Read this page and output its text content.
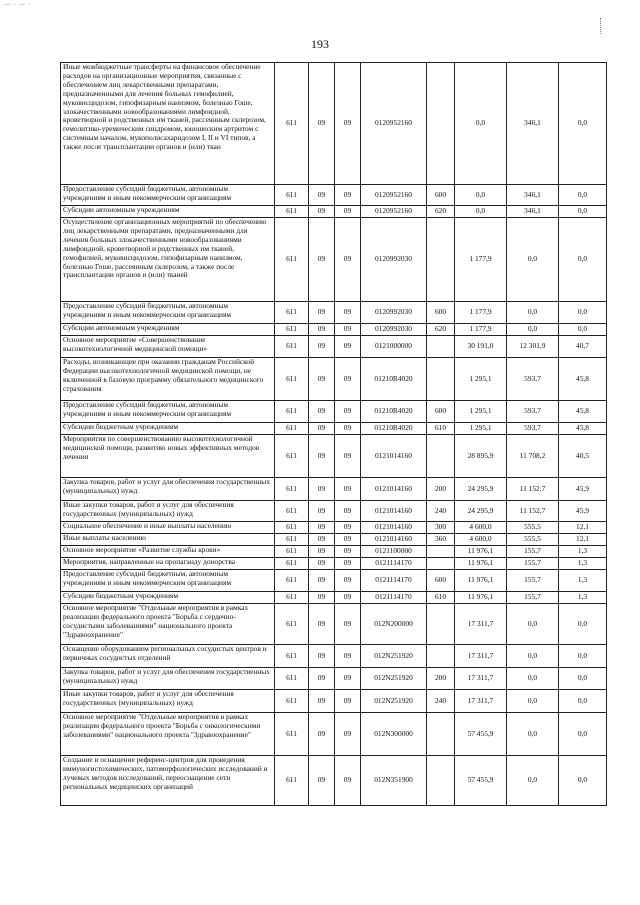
— · — ·
193
Иные межбюджетные трансферты на финансовое обеспечение расходов на организационные мероприятия, связанные с обеспечением лиц лекарственными препаратами, предназначенными для лечения больных гемофилией, муковисцидозом, гипофизарным нанизмом, болезнью Гоше, злокачественными новообразованиями лимфоидной, кроветворной и родственных им тканей, рассеянным склерозом, гемолитико-уремическим синдромом, юношеским артритом с системным началом, мукополисахаридозом I, II и VI типов, а также после трансплантации органов и (или) ткан	611	09	09	0120952160		0,0	346,1	0,0
Предоставление субсидий бюджетным, автономным учреждениям и иным некоммерческим организациям	611	09	09	0120952160	600	0,0	346,1	0,0
Субсидии автономным учреждениям	611	09	09	0120952160	620	0,0	346,1	0,0
Осуществление организационных мероприятий по обеспечению лиц лекарственными препаратами, предназначенными для лечения больных злокачественными новообразованиями лимфоидной, кроветворной и родственных им тканей, гемофилией, муковисцидозом, гипофизарным нанизмом, болезнью Гоше, рассеянным склерозом, а также после трансплантации органов и (или) тканей	611	09	09	0120992030		1 177,9	0,0	0,0
Предоставление субсидий бюджетным, автономным учреждениям и иным некоммерческим организациям	611	09	09	0120992030	600	1 177,9	0,0	0,0
Субсидии автономным учреждениям	611	09	09	0120992030	620	1 177,9	0,0	0,0
Основное мероприятие «Совершенствование высокотехнологичной медицинской помощи»	611	09	09	0121000000		30 191,0	12 301,9	40,7
Расходы, возникающие при оказании гражданам Российской Федерации высокотехнологичной медицинской помощи, не включенной в базовую программу обязательного медицинского страхования	611	09	09	01210R4020		1 295,1	593,7	45,8
Предоставление субсидий бюджетным, автономным учреждениям и иным некоммерческим организациям	611	09	09	01210R4020	600	1 295,1	593,7	45,8
Субсидии бюджетным учреждениям	611	09	09	01210R4020	610	1 295,1	593,7	45,8
Мероприятия по совершенствованию высокотехнологичной медицинской помощи, развитию новых эффективных методов лечения	611	09	09	0121014160		28 895,9	11 708,2	40,5
Закупка товаров, работ и услуг для обеспечения государственных (муниципальных) нужд	611	09	09	0121014160	200	24 295,9	11 152,7	45,9
Иные закупки товаров, работ и услуг для обеспечения государственных (муниципальных) нужд	611	09	09	0121014160	240	24 295,9	11 152,7	45,9
Социальное обеспечение и иные выплаты населению	611	09	09	0121014160	300	4 600,0	555,5	12,1
Иные выплаты населению	611	09	09	0121014160	360	4 600,0	555,5	12,1
Основное мероприятие «Развитие службы крови»	611	09	09	0121100000		11 976,1	155,7	1,3
Мероприятия, направленные на пропаганду донорства	611	09	09	0121114170		11 976,1	155,7	1,3
Предоставление субсидий бюджетным, автономным учреждениям и иным некоммерческим организациям	611	09	09	0121114170	600	11 976,1	155,7	1,3
Субсидии бюджетным учреждениям	611	09	09	0121114170	610	11 976,1	155,7	1,3
Основное мероприятие "Отдельные мероприятия в рамках реализации федерального проекта "Борьба с сердечно-сосудистыми заболеваниями" национального проекта "Здравоохранение"	611	09	09	012N200000		17 311,7	0,0	0,0
Оснащение оборудованием региональных сосудистых центров и первичных сосудистых отделений	611	09	09	012N251920		17 311,7	0,0	0,0
Закупка товаров, работ и услуг для обеспечения государственных (муниципальных) нужд	611	09	09	012N251920	200	17 311,7	0,0	0,0
Иные закупки товаров, работ и услуг для обеспечения государственных (муниципальных) нужд	611	09	09	012N251920	240	17 311,7	0,0	0,0
Основное мероприятие "Отдельные мероприятия в рамках реализации федерального проекта "Борьба с онкологическими заболеваниями" национального проекта "Здравоохранение"	611	09	09	012N300000		57 455,9	0,0	0,0
Создание и оснащение референс-центров для проведения иммуногистохимических, патоморфологических исследований и лучевых методов исследований, переоснащение сети региональных медицинских организаций	611	09	09	012N351900		57 455,9	0,0	0,0
